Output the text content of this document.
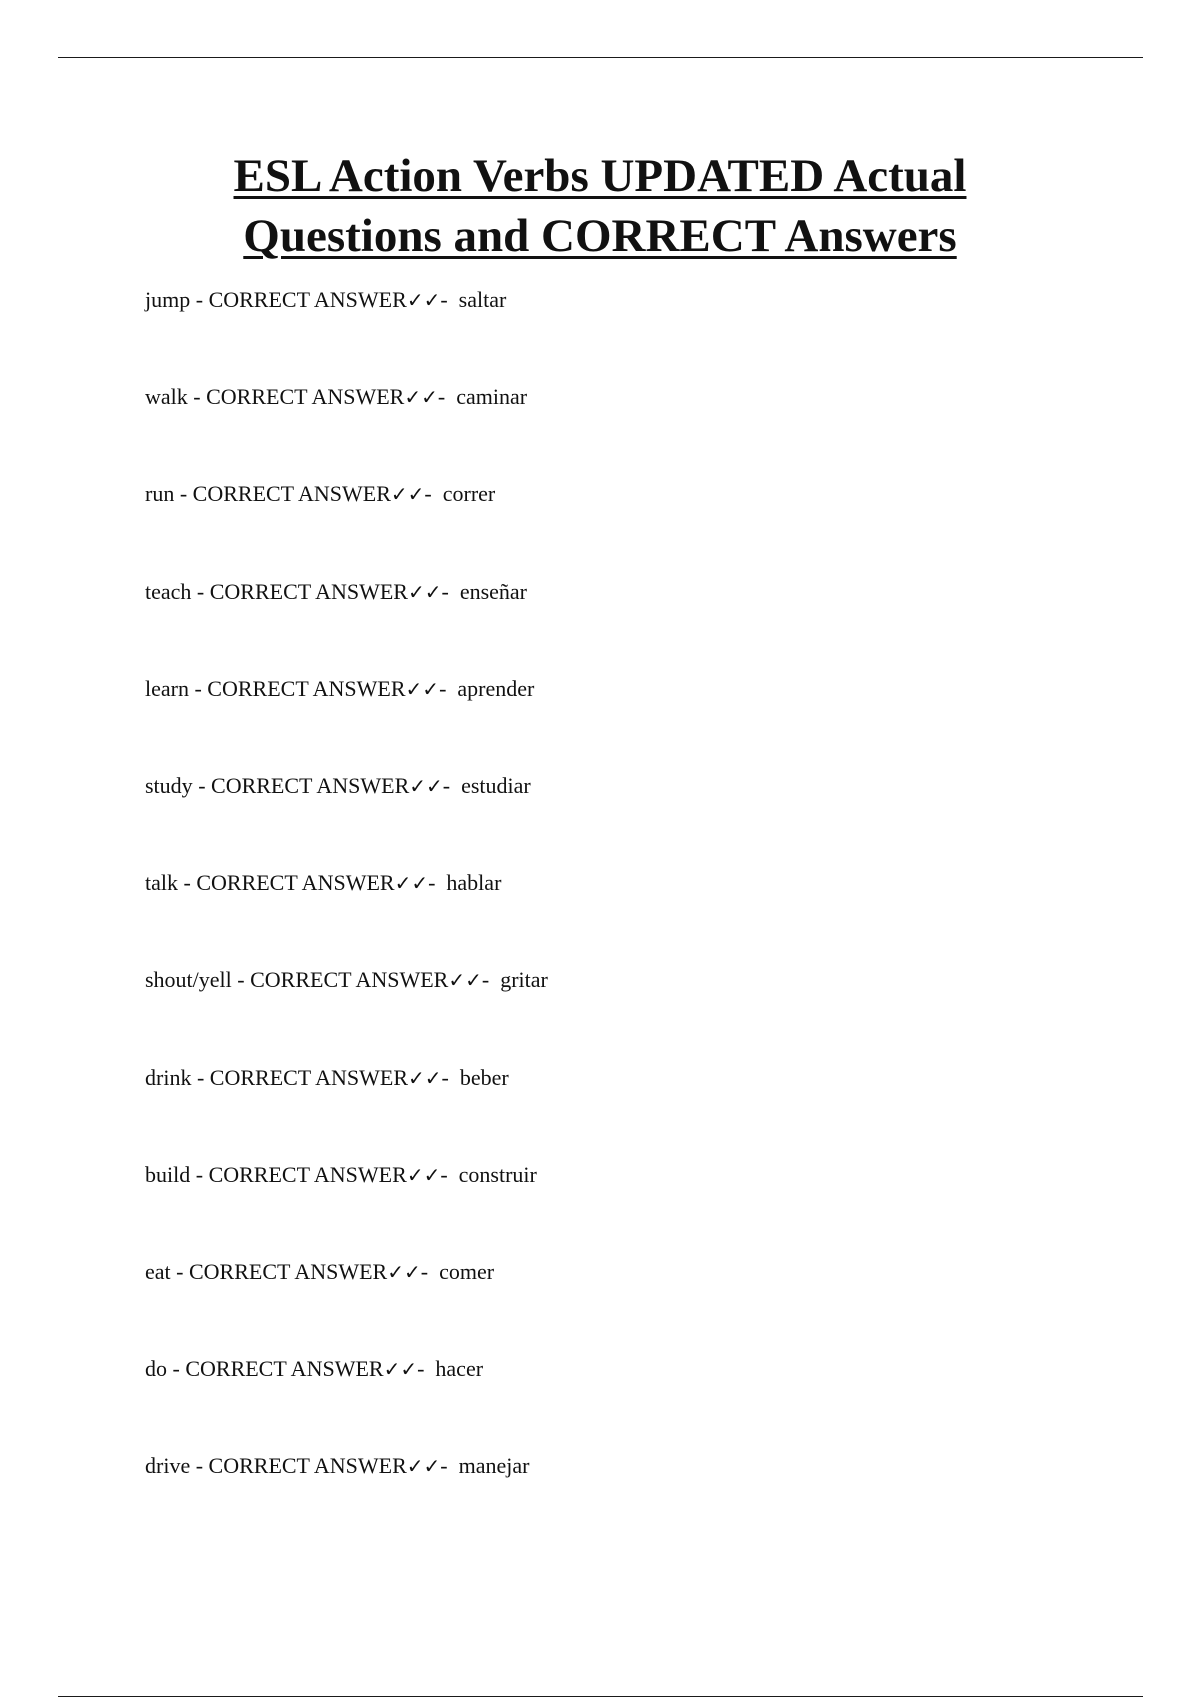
ESL Action Verbs UPDATED Actual
Questions and CORRECT Answers
jump - CORRECT ANSWER✓✓-  saltar
walk - CORRECT ANSWER✓✓-  caminar
run - CORRECT ANSWER✓✓-  correr
teach - CORRECT ANSWER✓✓-  enseñar
learn - CORRECT ANSWER✓✓-  aprender
study - CORRECT ANSWER✓✓-  estudiar
talk - CORRECT ANSWER✓✓-  hablar
shout/yell - CORRECT ANSWER✓✓-  gritar
drink - CORRECT ANSWER✓✓-  beber
build - CORRECT ANSWER✓✓-  construir
eat - CORRECT ANSWER✓✓-  comer
do - CORRECT ANSWER✓✓-  hacer
drive - CORRECT ANSWER✓✓-  manejar
